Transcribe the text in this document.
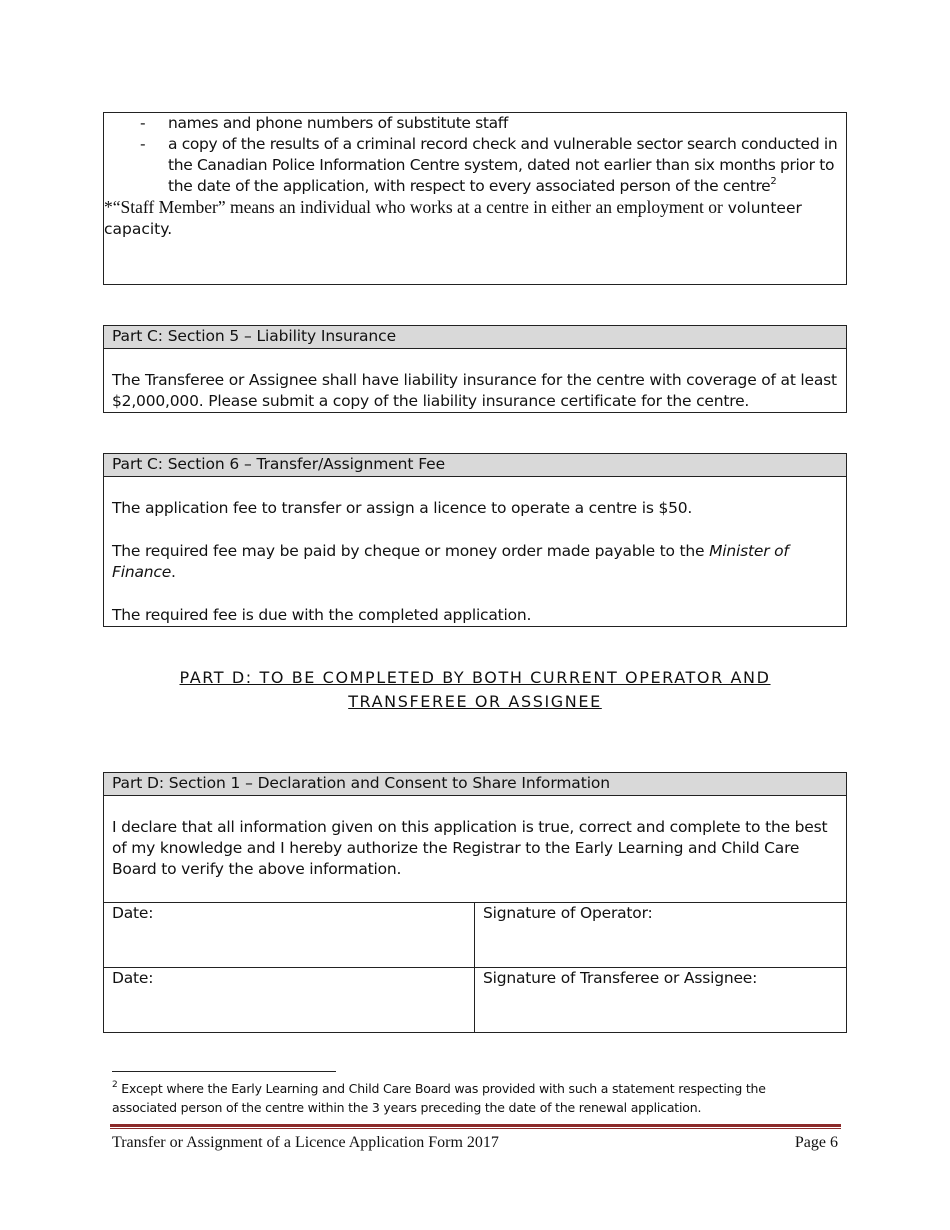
- names and phone numbers of substitute staff
- a copy of the results of a criminal record check and vulnerable sector search conducted in the Canadian Police Information Centre system, dated not earlier than six months prior to the date of the application, with respect to every associated person of the centre$^2$

*“Staff Member” means an individual who works at a centre in either an employment or volunteer capacity.

Part C: Section 5 – Liability Insurance

The Transferee or Assignee shall have liability insurance for the centre with coverage of at least $2,000,000. Please submit a copy of the liability insurance certificate for the centre.

Part C: Section 6 – Transfer/Assignment Fee

The application fee to transfer or assign a licence to operate a centre is $50.

The required fee may be paid by cheque or money order made payable to the Minister of Finance.

The required fee is due with the completed application.

PART D: TO BE COMPLETED BY BOTH CURRENT OPERATOR AND
TRANSFEREE OR ASSIGNEE
Part D: Section 1 – Declaration and Consent to Share Information

I declare that all information given on this application is true, correct and complete to the best of my knowledge and I hereby authorize the Registrar to the Early Learning and Child Care Board to verify the above information.

Date:	Signature of Operator:
Date:	Signature of Transferee or Assignee:
$^2$ Except where the Early Learning and Child Care Board was provided with such a statement respecting the associated person of the centre within the 3 years preceding the date of the renewal application.
Transfer or Assignment of a Licence Application Form 2017	Page 6
